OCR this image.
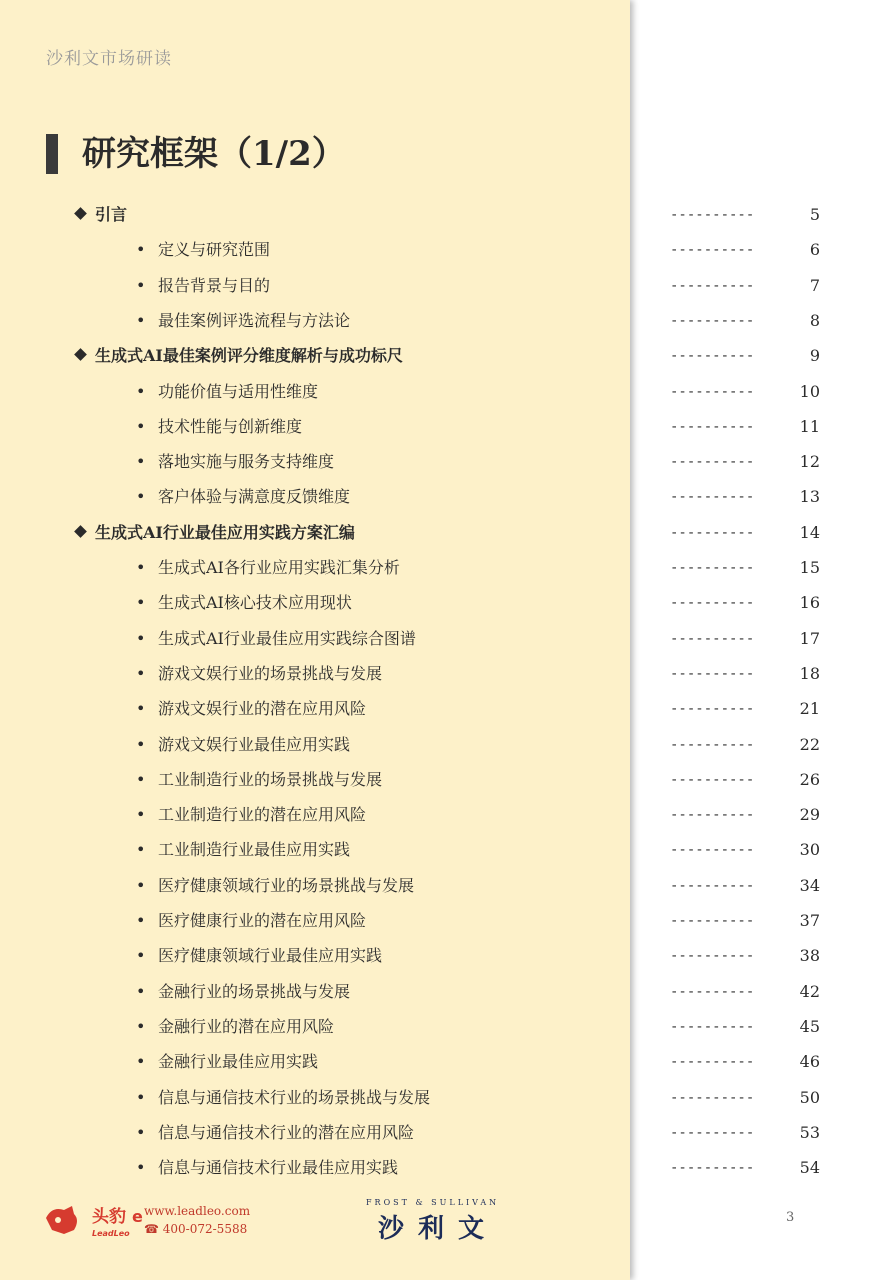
沙利文市场研读
研究框架（1/2）
引言	----------	5
• 定义与研究范围	----------	6
• 报告背景与目的	----------	7
• 最佳案例评选流程与方法论	----------	8
生成式AI最佳案例评分维度解析与成功标尺	----------	9
• 功能价值与适用性维度	----------	10
• 技术性能与创新维度	----------	11
• 落地实施与服务支持维度	----------	12
• 客户体验与满意度反馈维度	----------	13
生成式AI行业最佳应用实践方案汇编	----------	14
• 生成式AI各行业应用实践汇集分析	----------	15
• 生成式AI核心技术应用现状	----------	16
• 生成式AI行业最佳应用实践综合图谱	----------	17
• 游戏文娱行业的场景挑战与发展	----------	18
• 游戏文娱行业的潜在应用风险	----------	21
• 游戏文娱行业最佳应用实践	----------	22
• 工业制造行业的场景挑战与发展	----------	26
• 工业制造行业的潜在应用风险	----------	29
• 工业制造行业最佳应用实践	----------	30
• 医疗健康领域行业的场景挑战与发展	----------	34
• 医疗健康行业的潜在应用风险	----------	37
• 医疗健康领域行业最佳应用实践	----------	38
• 金融行业的场景挑战与发展	----------	42
• 金融行业的潜在应用风险	----------	45
• 金融行业最佳应用实践	----------	46
• 信息与通信技术行业的场景挑战与发展	----------	50
• 信息与通信技术行业的潜在应用风险	----------	53
• 信息与通信技术行业最佳应用实践	----------	54
头豹
LeadLeo
e www.leadleo.com
☎ 400-072-5588
FROST & SULLIVAN
沙利文	3
